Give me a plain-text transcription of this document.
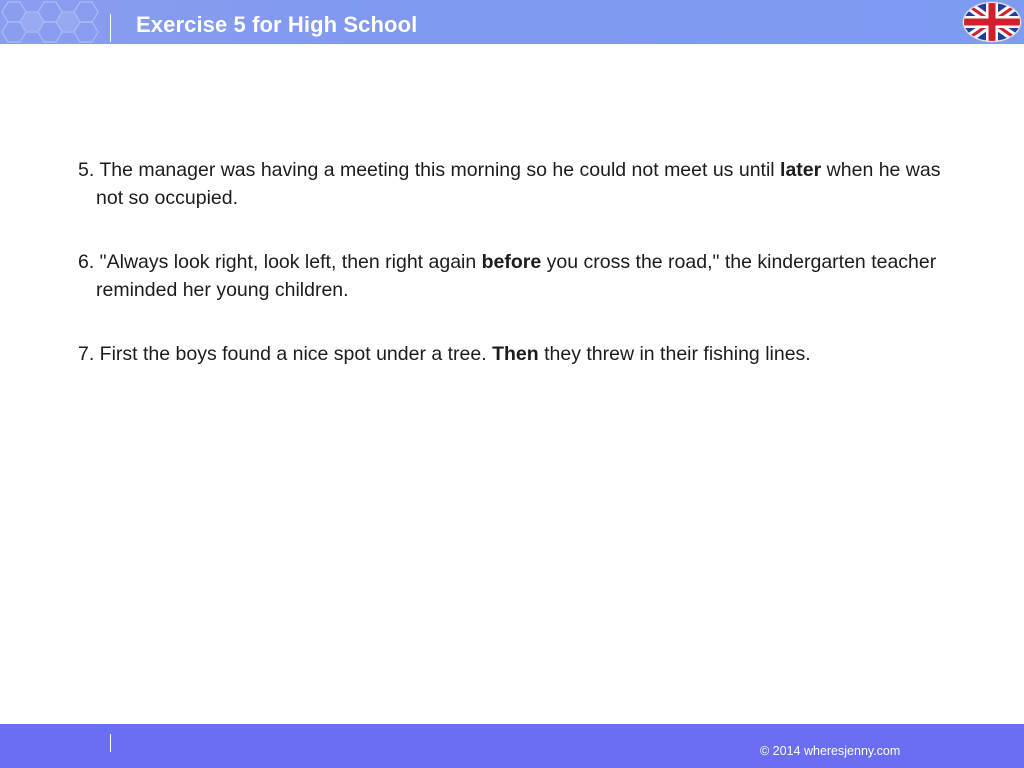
Exercise 5 for High School

5. The manager was having a meeting this morning so he could not meet us until later when he was not so occupied.

6. "Always look right, look left, then right again before you cross the road," the kindergarten teacher reminded her young children.

7. First the boys found a nice spot under a tree. Then they threw in their fishing lines.

© 2014 wheresjenny.com
